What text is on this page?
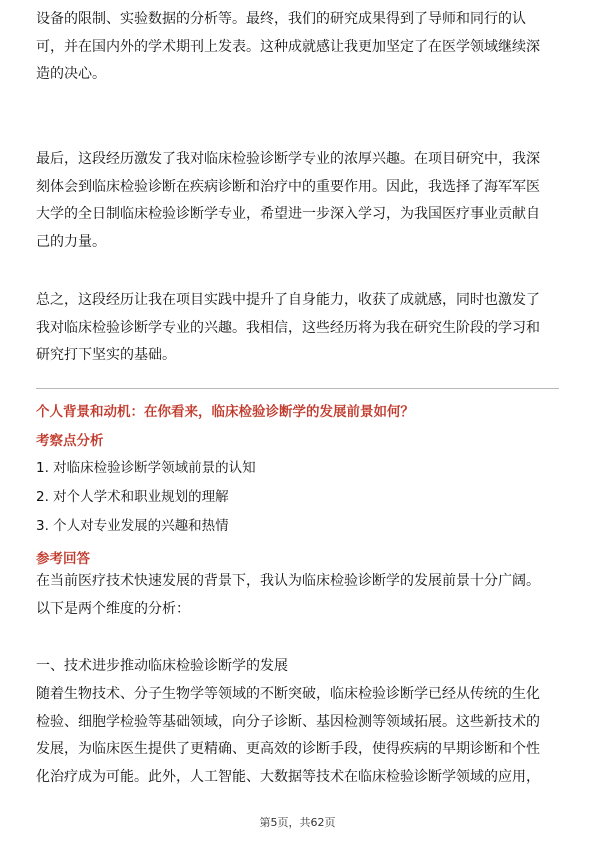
设备的限制、实验数据的分析等。最终，我们的研究成果得到了导师和同行的认
可，并在国内外的学术期刊上发表。这种成就感让我更加坚定了在医学领域继续深
造的决心。

最后，这段经历激发了我对临床检验诊断学专业的浓厚兴趣。在项目研究中，我深
刻体会到临床检验诊断在疾病诊断和治疗中的重要作用。因此，我选择了海军军医
大学的全日制临床检验诊断学专业，希望进一步深入学习，为我国医疗事业贡献自
己的力量。

总之，这段经历让我在项目实践中提升了自身能力，收获了成就感，同时也激发了
我对临床检验诊断学专业的兴趣。我相信，这些经历将为我在研究生阶段的学习和
研究打下坚实的基础。

个人背景和动机：在你看来，临床检验诊断学的发展前景如何？

考察点分析

1. 对临床检验诊断学领域前景的认知

2. 对个人学术和职业规划的理解

3. 个人对专业发展的兴趣和热情

参考回答

在当前医疗技术快速发展的背景下，我认为临床检验诊断学的发展前景十分广阔。
以下是两个维度的分析：

一、技术进步推动临床检验诊断学的发展

随着生物技术、分子生物学等领域的不断突破，临床检验诊断学已经从传统的生化
检验、细胞学检验等基础领域，向分子诊断、基因检测等领域拓展。这些新技术的
发展，为临床医生提供了更精确、更高效的诊断手段，使得疾病的早期诊断和个性
化治疗成为可能。此外，人工智能、大数据等技术在临床检验诊断学领域的应用，

第5页，共62页
